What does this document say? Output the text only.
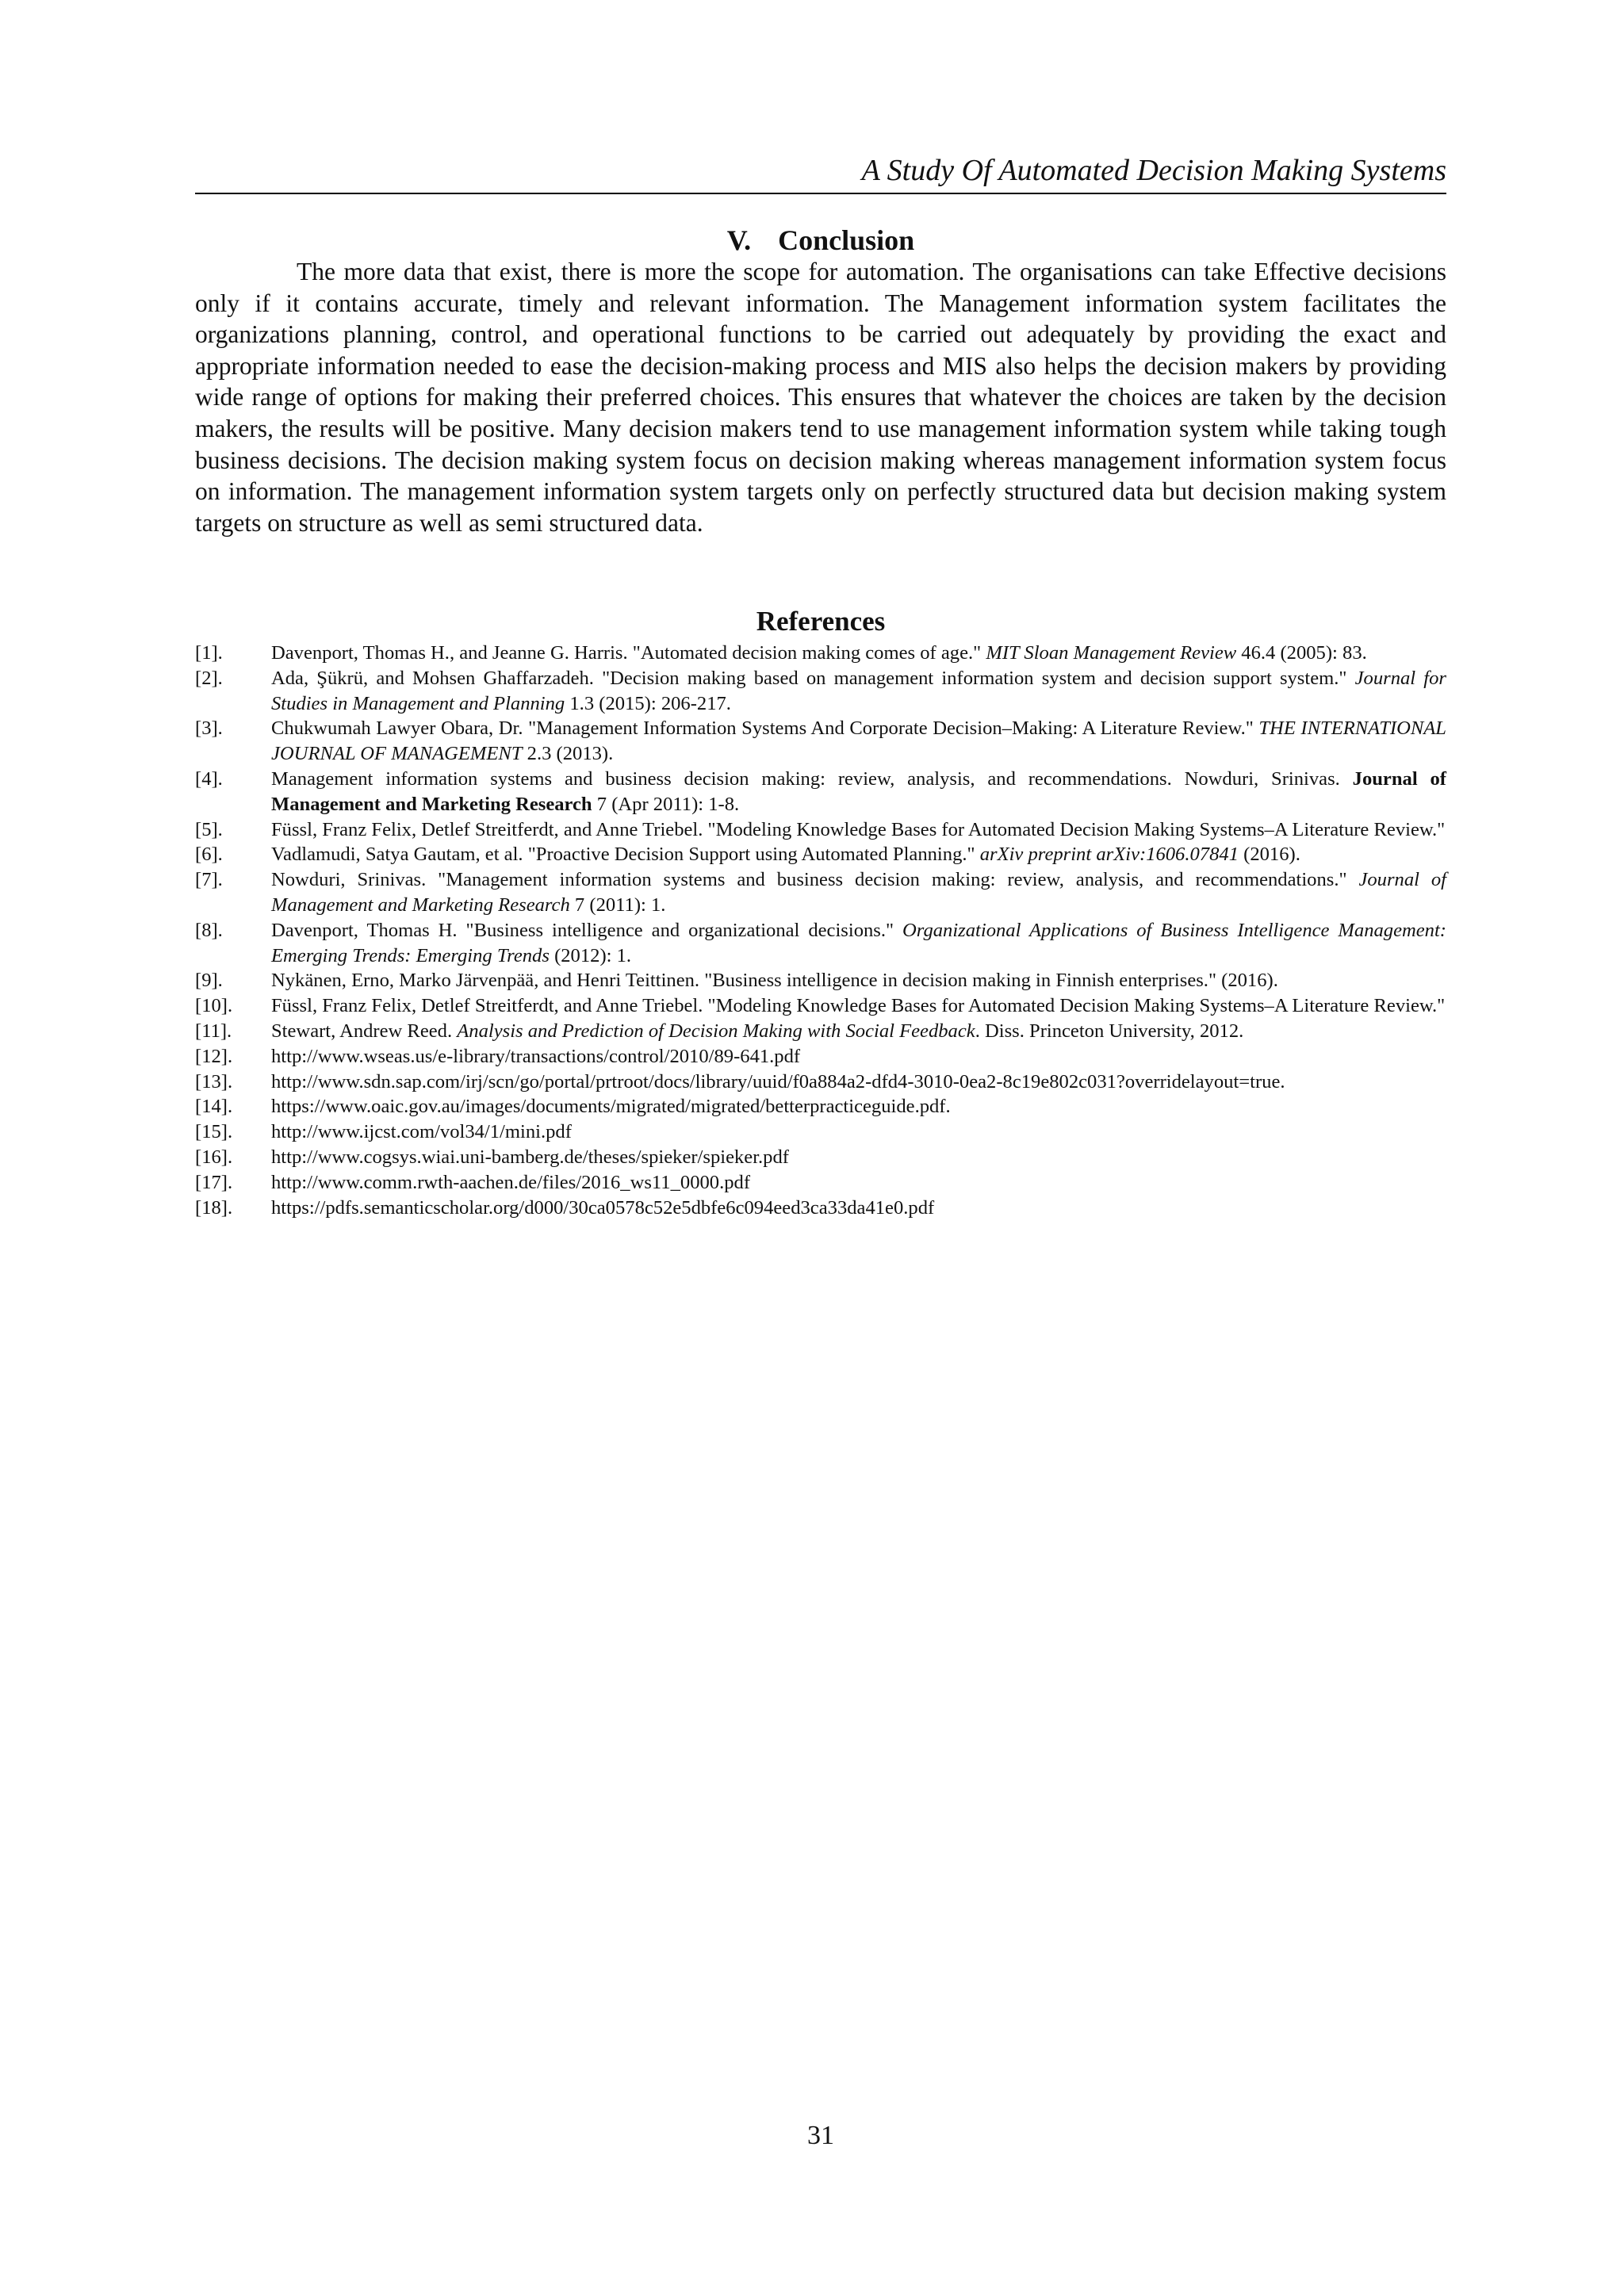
A Study Of Automated Decision Making Systems
V. Conclusion

The more data that exist, there is more the scope for automation. The organisations can take Effective decisions only if it contains accurate, timely and relevant information. The Management information system facilitates the organizations planning, control, and operational functions to be carried out adequately by providing the exact and appropriate information needed to ease the decision-making process and MIS also helps the decision makers by providing wide range of options for making their preferred choices. This ensures that whatever the choices are taken by the decision makers, the results will be positive. Many decision makers tend to use management information system while taking tough business decisions. The decision making system focus on decision making whereas management information system focus on information. The management information system targets only on perfectly structured data but decision making system targets on structure as well as semi structured data.

References
[1]. Davenport, Thomas H., and Jeanne G. Harris. "Automated decision making comes of age." MIT Sloan Management Review 46.4 (2005): 83.
[2]. Ada, Şükrü, and Mohsen Ghaffarzadeh. "Decision making based on management information system and decision support system." Journal for Studies in Management and Planning 1.3 (2015): 206-217.
[3]. Chukwumah Lawyer Obara, Dr. "Management Information Systems And Corporate Decision–Making: A Literature Review." THE INTERNATIONAL JOURNAL OF MANAGEMENT 2.3 (2013).
[4]. Management information systems and business decision making: review, analysis, and recommendations. Nowduri, Srinivas. Journal of Management and Marketing Research 7 (Apr 2011): 1-8.
[5]. Füssl, Franz Felix, Detlef Streitferdt, and Anne Triebel. "Modeling Knowledge Bases for Automated Decision Making Systems–A Literature Review."
[6]. Vadlamudi, Satya Gautam, et al. "Proactive Decision Support using Automated Planning." arXiv preprint arXiv:1606.07841 (2016).
[7]. Nowduri, Srinivas. "Management information systems and business decision making: review, analysis, and recommendations." Journal of Management and Marketing Research 7 (2011): 1.
[8]. Davenport, Thomas H. "Business intelligence and organizational decisions." Organizational Applications of Business Intelligence Management: Emerging Trends: Emerging Trends (2012): 1.
[9]. Nykänen, Erno, Marko Järvenpää, and Henri Teittinen. "Business intelligence in decision making in Finnish enterprises." (2016).
[10]. Füssl, Franz Felix, Detlef Streitferdt, and Anne Triebel. "Modeling Knowledge Bases for Automated Decision Making Systems–A Literature Review."
[11]. Stewart, Andrew Reed. Analysis and Prediction of Decision Making with Social Feedback. Diss. Princeton University, 2012.
[12]. http://www.wseas.us/e-library/transactions/control/2010/89-641.pdf
[13]. http://www.sdn.sap.com/irj/scn/go/portal/prtroot/docs/library/uuid/f0a884a2-dfd4-3010-0ea2-8c19e802c031?overridelayout=true.
[14]. https://www.oaic.gov.au/images/documents/migrated/migrated/betterpracticeguide.pdf.
[15]. http://www.ijcst.com/vol34/1/mini.pdf
[16]. http://www.cogsys.wiai.uni-bamberg.de/theses/spieker/spieker.pdf
[17]. http://www.comm.rwth-aachen.de/files/2016_ws11_0000.pdf
[18]. https://pdfs.semanticscholar.org/d000/30ca0578c52e5dbfe6c094eed3ca33da41e0.pdf
31
